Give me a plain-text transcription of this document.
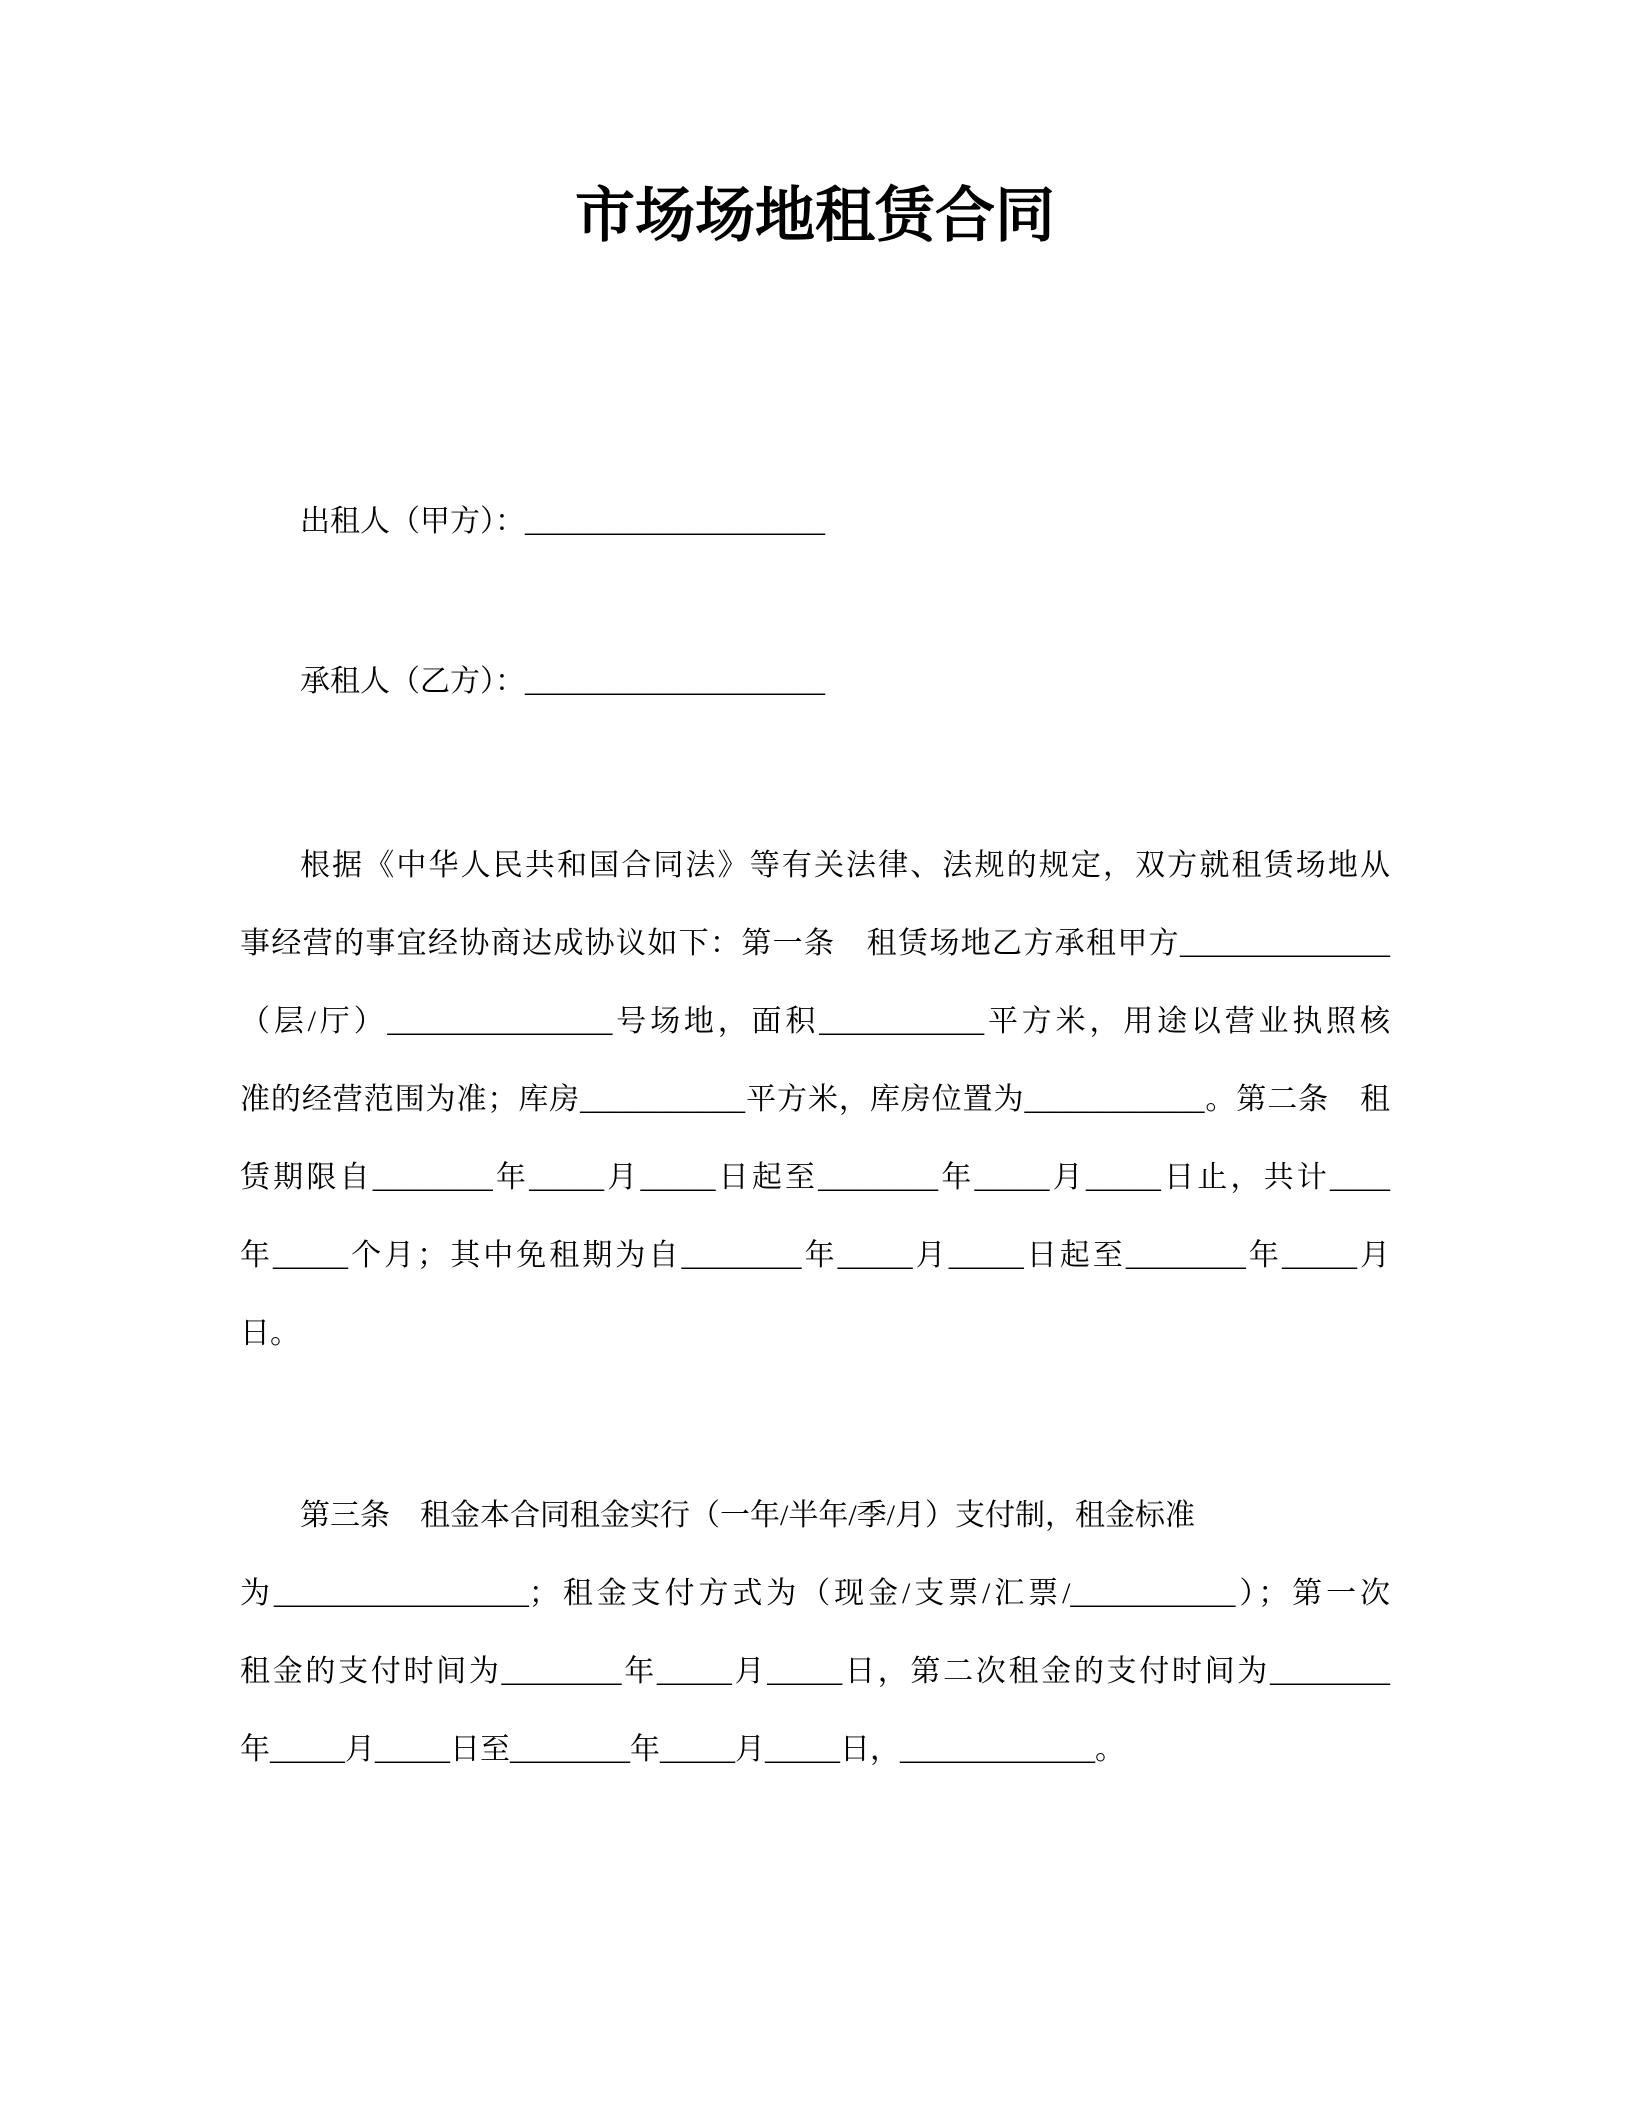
市场场地租赁合同
出租人（甲方）：____________________
承租人（乙方）：____________________
根据《中华人民共和国合同法》等有关法律、法规的规定，双方就租赁场地从
事经营的事宜经协商达成协议如下：第一条　租赁场地乙方承租甲方______________
（层/厅）_______________号场地，面积___________平方米，用途以营业执照核
准的经营范围为准；库房___________平方米，库房位置为____________。第二条　租
赁期限自________年_____月_____日起至________年_____月_____日止，共计____
年_____个月；其中免租期为自________年_____月_____日起至________年_____月
日。
第三条　租金本合同租金实行（一年/半年/季/月）支付制，租金标准
为_________________；租金支付方式为（现金/支票/汇票/___________）；第一次
租金的支付时间为________年_____月_____日，第二次租金的支付时间为________
年_____月_____日至________年_____月_____日，_____________。
